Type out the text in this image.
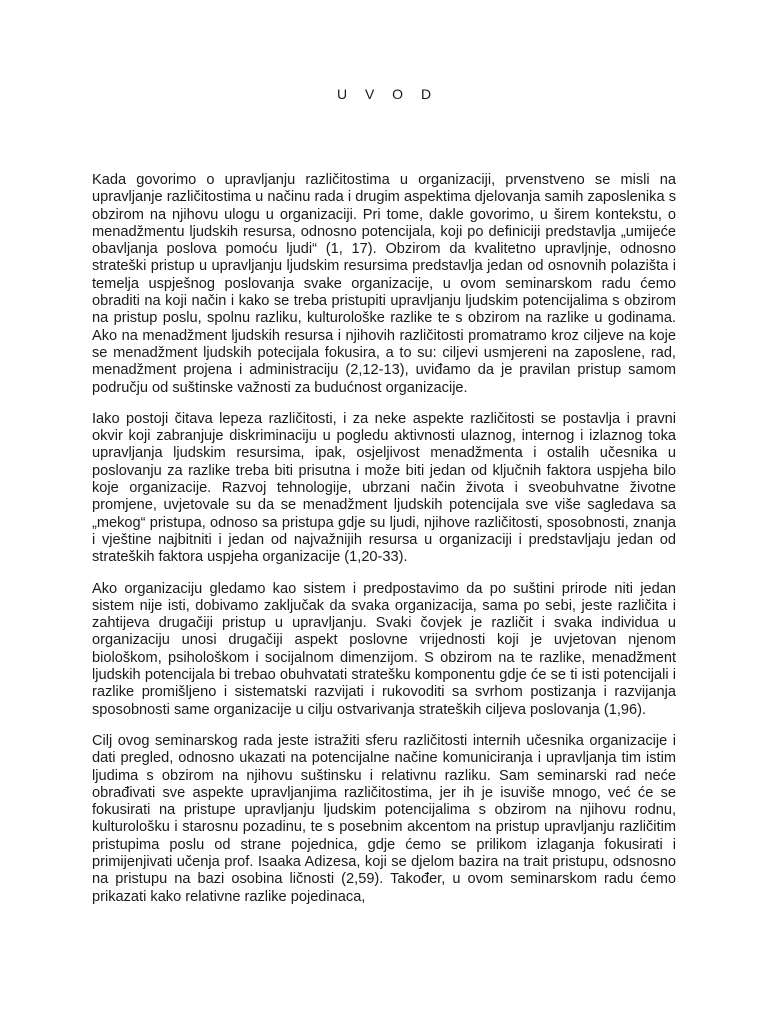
U V O D

Kada govorimo o upravljanju različitostima u organizaciji, prvenstveno se misli na upravljanje različitostima u načinu rada i drugim aspektima djelovanja samih zaposlenika s obzirom na njihovu ulogu u organizaciji. Pri tome, dakle govorimo, u širem kontekstu, o menadžmentu ljudskih resursa, odnosno potencijala, koji po definiciji predstavlja „umijeće obavljanja poslova pomoću ljudi“ (1, 17). Obzirom da kvalitetno upravljnje, odnosno strateški pristup u upravljanju ljudskim resursima predstavlja jedan od osnovnih polazišta i temelja uspješnog poslovanja svake organizacije, u ovom seminarskom radu ćemo obraditi na koji način i kako se treba pristupiti upravljanju ljudskim potencijalima s obzirom na pristup poslu, spolnu razliku, kulturološke razlike te s obzirom na razlike u godinama. Ako na menadžment ljudskih resursa i njihovih različitosti promatramo kroz ciljeve na koje se menadžment ljudskih potecijala fokusira, a to su: ciljevi usmjereni na zaposlene, rad, menadžment projena i administraciju (2,12-13), uviđamo da je pravilan pristup samom području od suštinske važnosti za budućnost organizacije.

Iako postoji čitava lepeza različitosti, i za neke aspekte različitosti se postavlja i pravni okvir koji zabranjuje diskriminaciju u pogledu aktivnosti ulaznog, internog i izlaznog toka upravljanja ljudskim resursima, ipak, osjeljivost menadžmenta i ostalih učesnika u poslovanju za razlike treba biti prisutna i može biti jedan od ključnih faktora uspjeha bilo koje organizacije. Razvoj tehnologije, ubrzani način života i sveobuhvatne životne promjene, uvjetovale su da se menadžment ljudskih potencijala sve više sagledava sa „mekog“ pristupa, odnoso sa pristupa gdje su ljudi, njihove različitosti, sposobnosti, znanja i vještine najbitniti i jedan od najvažnijih resursa u organizaciji i predstavljaju jedan od strateških faktora uspjeha organizacije (1,20-33).

Ako organizaciju gledamo kao sistem i predpostavimo da po suštini prirode niti jedan sistem nije isti, dobivamo zaključak da svaka organizacija, sama po sebi, jeste različita i zahtijeva drugačiji pristup u upravljanju. Svaki čovjek je različit i svaka individua u organizaciju unosi drugačiji aspekt poslovne vrijednosti koji je uvjetovan njenom biološkom, psihološkom i socijalnom dimenzijom. S obzirom na te razlike, menadžment ljudskih potencijala bi trebao obuhvatati stratešku komponentu gdje će se ti isti potencijali i razlike promišljeno i sistematski razvijati i rukovoditi sa svrhom postizanja i razvijanja sposobnosti same organizacije u cilju ostvarivanja strateških ciljeva poslovanja (1,96).

Cilj ovog seminarskog rada jeste istražiti sferu različitosti internih učesnika organizacije i dati pregled, odnosno ukazati na potencijalne načine komuniciranja i upravljanja tim istim ljudima s obzirom na njihovu suštinsku i relativnu razliku. Sam seminarski rad neće obrađivati sve aspekte upravljanjima različitostima, jer ih je isuviše mnogo, već će se fokusirati na pristupe upravljanju ljudskim potencijalima s obzirom na njihovu rodnu, kulturološku i starosnu pozadinu, te s posebnim akcentom na pristup upravljanju različitim pristupima poslu od strane pojednica, gdje ćemo se prilikom izlaganja fokusirati i primijenjivati učenja prof. Isaaka Adizesa, koji se djelom bazira na trait pristupu, odsnosno na pristupu na bazi osobina ličnosti (2,59). Također, u ovom seminarskom radu ćemo prikazati kako relativne razlike pojedinaca,
